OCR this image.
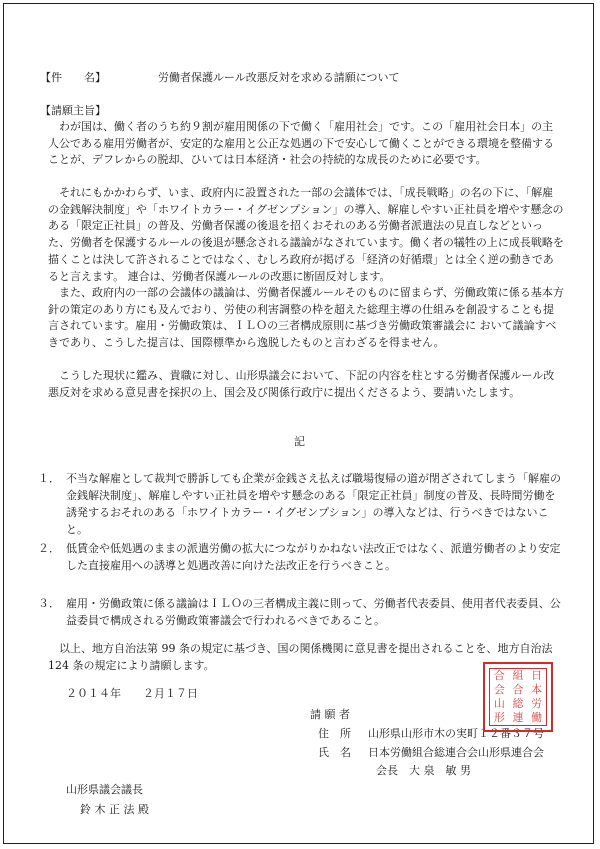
【件　　名】	労働者保護ルール改悪反対を求める請願について
【請願主旨】

わが国は、働く者のうち約９割が雇用関係の下で働く「雇用社会」です。この「雇用社会日本」の主人公である雇用労働者が、安定的な雇用と公正な処遇の下で安心して働くことができる環境を整備することが、デフレからの脱却、ひいては日本経済・社会の持続的な成長のために必要です。

それにもかかわらず、いま、政府内に設置された一部の会議体では、「成長戦略」の名の下に、「解雇の金銭解決制度」や「ホワイトカラー・イグゼンプション」の導入、解雇しやすい正社員を増やす懸念のある「限定正社員」の普及、労働者保護の後退を招くおそれのある労働者派遣法の見直しなどといった、労働者を保護するルールの後退が懸念される議論がなされています。働く者の犠牲の上に成長戦略を描くことは決して許されることではなく、むしろ政府が掲げる「経済の好循環」とは全く逆の動きであると言えます。 連合は、労働者保護ルールの改悪に断固反対します。

また、政府内の一部の会議体の議論は、労働者保護ルールそのものに留まらず、労働政策に係る基本方針の策定のあり方にも及んでおり、労使の利害調整の枠を超えた総理主導の仕組みを創設することも提言されています。雇用・労働政策は、ＩＬＯの三者構成原則に基づき労働政策審議会に おいて議論すべきであり、こうした提言は、国際標準から逸脱したものと言わざるを得ません。

こうした現状に鑑み、貴職に対し、山形県議会において、下記の内容を柱とする労働者保護ルール改悪反対を求める意見書を採択の上、国会及び関係行政庁に提出くださるよう、要請いたします。

記
１． 不当な解雇として裁判で勝訴しても企業が金銭さえ払えば職場復帰の道が閉ざされてしまう「解雇の金銭解決制度」、解雇しやすい正社員を増やす懸念のある「限定正社員」制度の普及、長時間労働を誘発するおそれのある「ホワイトカラー・イグゼンプション」の導入などは、行うべきではないこと。

２． 低賃金や低処遇のままの派遣労働の拡大につながりかねない法改正ではなく、派遣労働者のより安定した直接雇用への誘導と処遇改善に向けた法改正を行うべきこと。

３． 雇用・労働政策に係る議論はＩＬＯの三者構成主義に則って、労働者代表委員、使用者代表委員、公益委員で構成される労働政策審議会で行われるべきであること。

以上、地方自治法第 99 条の規定に基づき、国の関係機関に意見書を提出されることを、地方自治法 124 条の規定により請願します。

２０１４年　　２月１７日
請 願 者
住　所 山形県山形市木の実町１２番３７号
氏　名 日本労働組合総連合会山形県連合会
会長　大 泉　敏 男
合 組 日
会 合 本
山 総 労
形 連 働
山形県議会議長
鈴 木 正 法 殿
